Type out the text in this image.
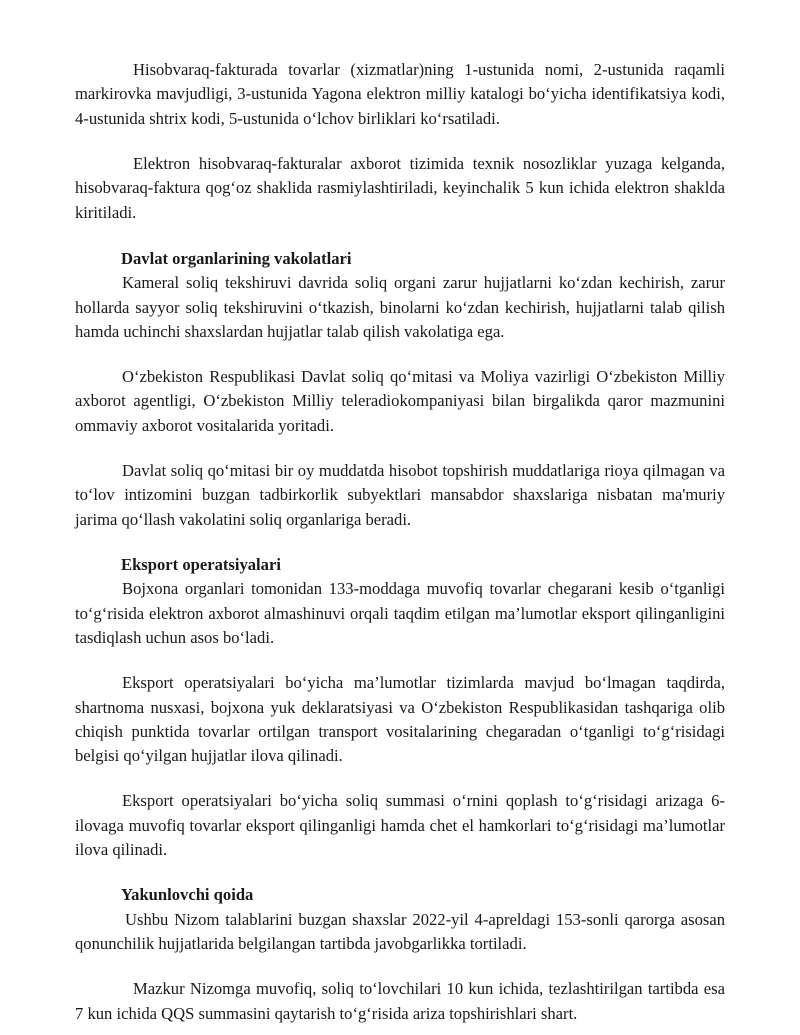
Hisobvaraq-fakturada tovarlar (xizmatlar)ning 1-ustunida nomi, 2-ustunida raqamli markirovka mavjudligi, 3-ustunida Yagona elektron milliy katalogi bo‘yicha identifikatsiya kodi, 4-ustunida shtrix kodi, 5-ustunida o‘lchov birliklari ko‘rsatiladi.

Elektron hisobvaraq-fakturalar axborot tizimida texnik nosozliklar yuzaga kelganda, hisobvaraq-faktura qog‘oz shaklida rasmiylashtiriladi, keyinchalik 5 kun ichida elektron shaklda kiritiladi.

Davlat organlarining vakolatlari

Kameral soliq tekshiruvi davrida soliq organi zarur hujjatlarni ko‘zdan kechirish, zarur hollarda sayyor soliq tekshiruvini o‘tkazish, binolarni ko‘zdan kechirish, hujjatlarni talab qilish hamda uchinchi shaxslardan hujjatlar talab qilish vakolatiga ega.

O‘zbekiston Respublikasi Davlat soliq qo‘mitasi va Moliya vazirligi O‘zbekiston Milliy axborot agentligi, O‘zbekiston Milliy teleradiokompaniyasi bilan birgalikda qaror mazmunini ommaviy axborot vositalarida yoritadi.

Davlat soliq qo‘mitasi bir oy muddatda hisobot topshirish muddatlariga rioya qilmagan va to‘lov intizomini buzgan tadbirkorlik subyektlari mansabdor shaxslariga nisbatan ma'muriy jarima qo‘llash vakolatini soliq organlariga beradi.

Eksport operatsiyalari

Bojxona organlari tomonidan 133-moddaga muvofiq tovarlar chegarani kesib o‘tganligi to‘g‘risida elektron axborot almashinuvi orqali taqdim etilgan ma’lumotlar eksport qilinganligini tasdiqlash uchun asos bo‘ladi.

Eksport operatsiyalari bo‘yicha ma’lumotlar tizimlarda mavjud bo‘lmagan taqdirda, shartnoma nusxasi, bojxona yuk deklaratsiyasi va O‘zbekiston Respublikasidan tashqariga olib chiqish punktida tovarlar ortilgan transport vositalarining chegaradan o‘tganligi to‘g‘risidagi belgisi qo‘yilgan hujjatlar ilova qilinadi.

Eksport operatsiyalari bo‘yicha soliq summasi o‘rnini qoplash to‘g‘risidagi arizaga 6-ilovaga muvofiq tovarlar eksport qilinganligi hamda chet el hamkorlari to‘g‘risidagi ma’lumotlar ilova qilinadi.

Yakunlovchi qoida

Ushbu Nizom talablarini buzgan shaxslar 2022-yil 4-apreldagi 153-sonli qarorga asosan qonunchilik hujjatlarida belgilangan tartibda javobgarlikka tortiladi.

Mazkur Nizomga muvofiq, soliq to‘lovchilari 10 kun ichida, tezlashtirilgan tartibda esa 7 kun ichida QQS summasini qaytarish to‘g‘risida ariza topshirishlari shart.
